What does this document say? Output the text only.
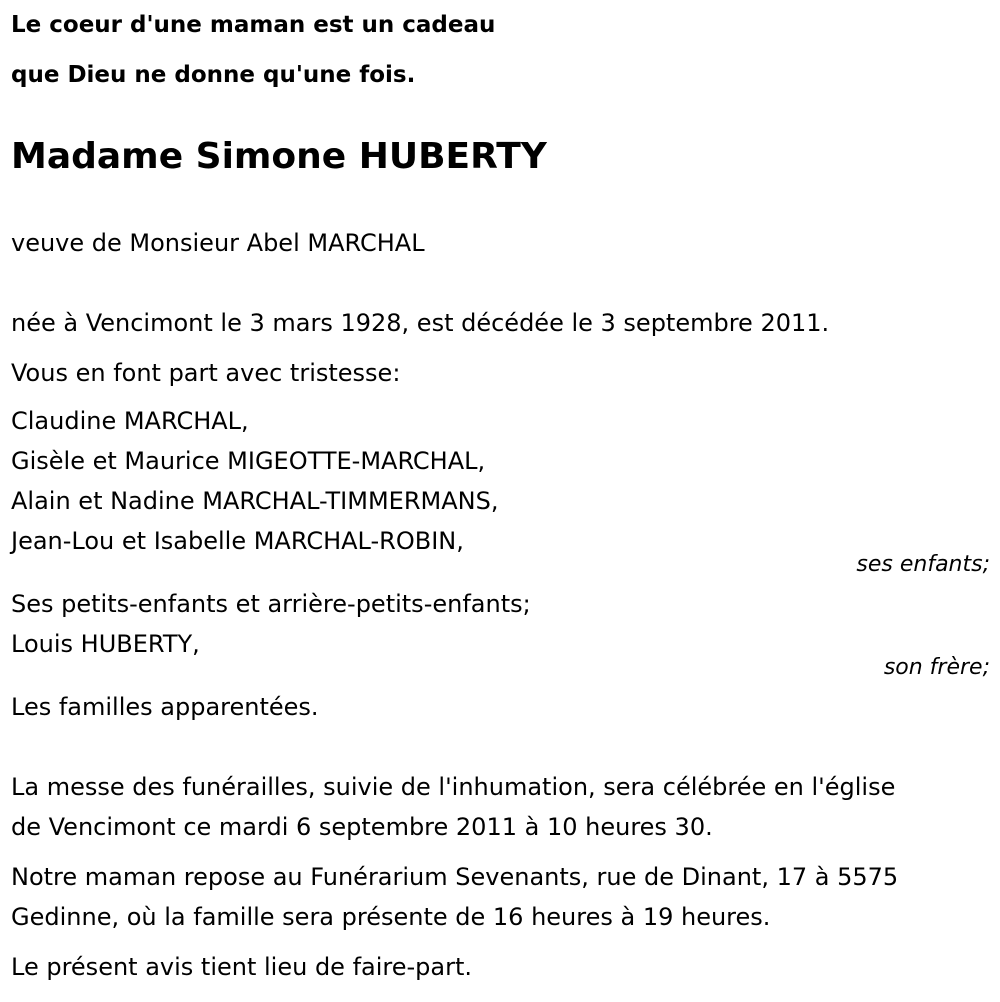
Le coeur d'une maman est un cadeau
que Dieu ne donne qu'une fois.
Madame Simone HUBERTY
veuve de Monsieur Abel MARCHAL
née à Vencimont le 3 mars 1928, est décédée le 3 septembre 2011.
Vous en font part avec tristesse:
Claudine MARCHAL,
Gisèle et Maurice MIGEOTTE-MARCHAL,
Alain et Nadine MARCHAL-TIMMERMANS,
Jean-Lou et Isabelle MARCHAL-ROBIN,
ses enfants;
Ses petits-enfants et arrière-petits-enfants;
Louis HUBERTY,
son frère;
Les familles apparentées.
La messe des funérailles, suivie de l'inhumation, sera célébrée en l'église
de Vencimont ce mardi 6 septembre 2011 à 10 heures 30.
Notre maman repose au Funérarium Sevenants, rue de Dinant, 17 à 5575
Gedinne, où la famille sera présente de 16 heures à 19 heures.
Le présent avis tient lieu de faire-part.
